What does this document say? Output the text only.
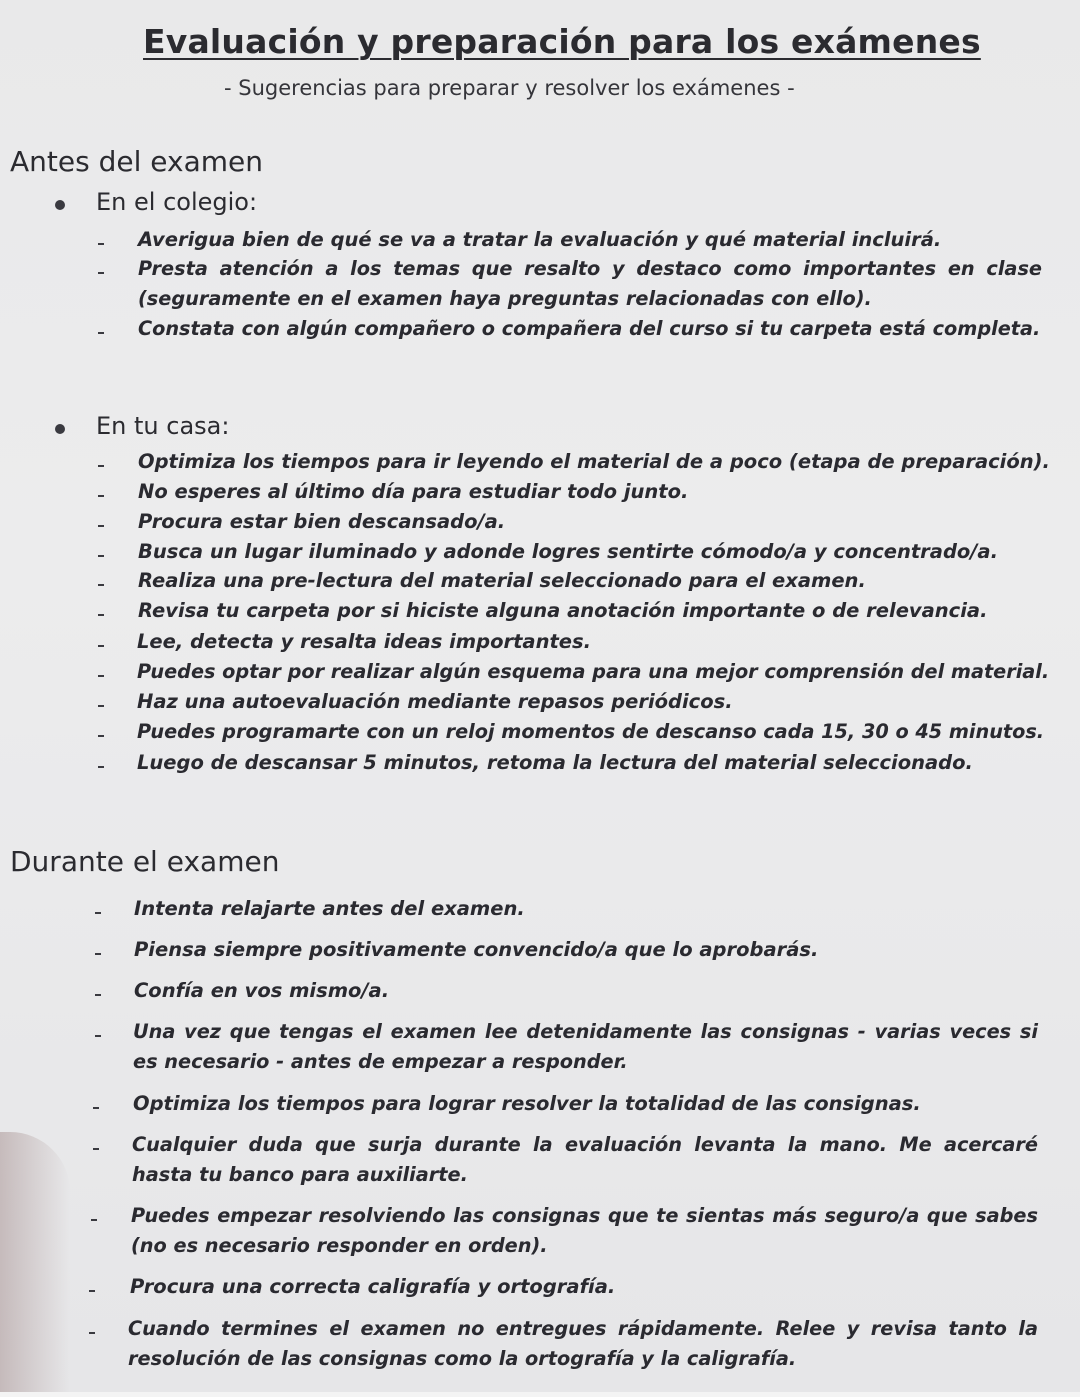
Evaluación y preparación para los exámenes
- Sugerencias para preparar y resolver los exámenes -
Antes del examen
En el colegio:
Averigua bien de qué se va a tratar la evaluación y qué material incluirá.
Presta atención a los temas que resalto y destaco como importantes en clase (seguramente en el examen haya preguntas relacionadas con ello).
Constata con algún compañero o compañera del curso si tu carpeta está completa.
En tu casa:
Optimiza los tiempos para ir leyendo el material de a poco (etapa de preparación).
No esperes al último día para estudiar todo junto.
Procura estar bien descansado/a.
Busca un lugar iluminado y adonde logres sentirte cómodo/a y concentrado/a.
Realiza una pre-lectura del material seleccionado para el examen.
Revisa tu carpeta por si hiciste alguna anotación importante o de relevancia.
Lee, detecta y resalta ideas importantes.
Puedes optar por realizar algún esquema para una mejor comprensión del material.
Haz una autoevaluación mediante repasos periódicos.
Puedes programarte con un reloj momentos de descanso cada 15, 30 o 45 minutos.
Luego de descansar 5 minutos, retoma la lectura del material seleccionado.
Durante el examen
Intenta relajarte antes del examen.
Piensa siempre positivamente convencido/a que lo aprobarás.
Confía en vos mismo/a.
Una vez que tengas el examen lee detenidamente las consignas - varias veces si es necesario - antes de empezar a responder.
Optimiza los tiempos para lograr resolver la totalidad de las consignas.
Cualquier duda que surja durante la evaluación levanta la mano. Me acercaré hasta tu banco para auxiliarte.
Puedes empezar resolviendo las consignas que te sientas más seguro/a que sabes (no es necesario responder en orden).
Procura una correcta caligrafía y ortografía.
Cuando termines el examen no entregues rápidamente. Relee y revisa tanto la resolución de las consignas como la ortografía y la caligrafía.
